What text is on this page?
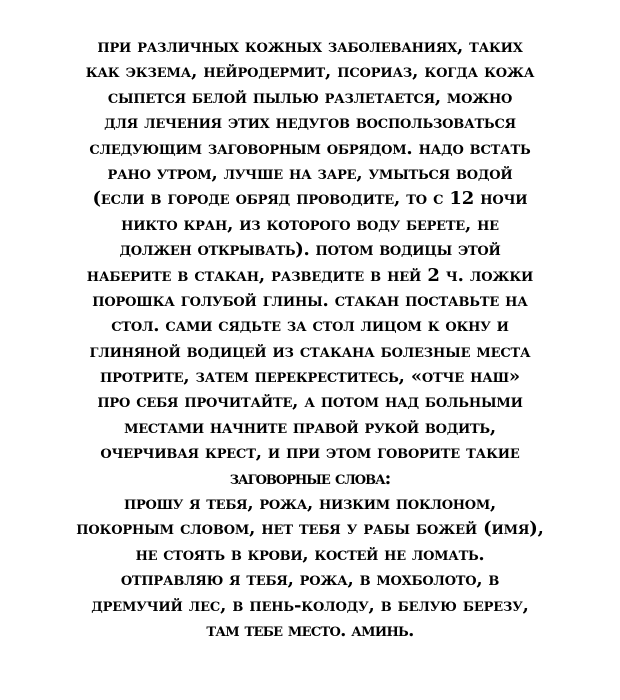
при различных кожных заболеваниях, таких
как экзема, нейродермит, псориаз, когда кожа
сыпется белой пылью разлетается, можно
для лечения этих недугов воспользоваться
следующим заговорным обрядом. надо встать
рано утром, лучше на заре, умыться водой
(если в городе обряд проводите, то с 12 ночи
никто кран, из которого воду берете, не
должен открывать). потом водицы этой
наберите в стакан, разведите в ней 2 ч. ложки
порошка голубой глины. стакан поставьте на
стол. сами сядьте за стол лицом к окну и
глиняной водицей из стакана болезные места
протрите, затем перекреститесь, «отче наш»
про себя прочитайте, а потом над больными
местами начните правой рукой водить,
очерчивая крест, и при этом говорите такие
заговорные слова:
прошу я тебя, рожа, низким поклоном,
покорным словом, нет тебя у рабы божей (имя),
не стоять в крови, костей не ломать.
отправляю я тебя, рожа, в мохболото, в
дремучий лес, в пень-колоду, в белую березу,
там тебе место. аминь.
